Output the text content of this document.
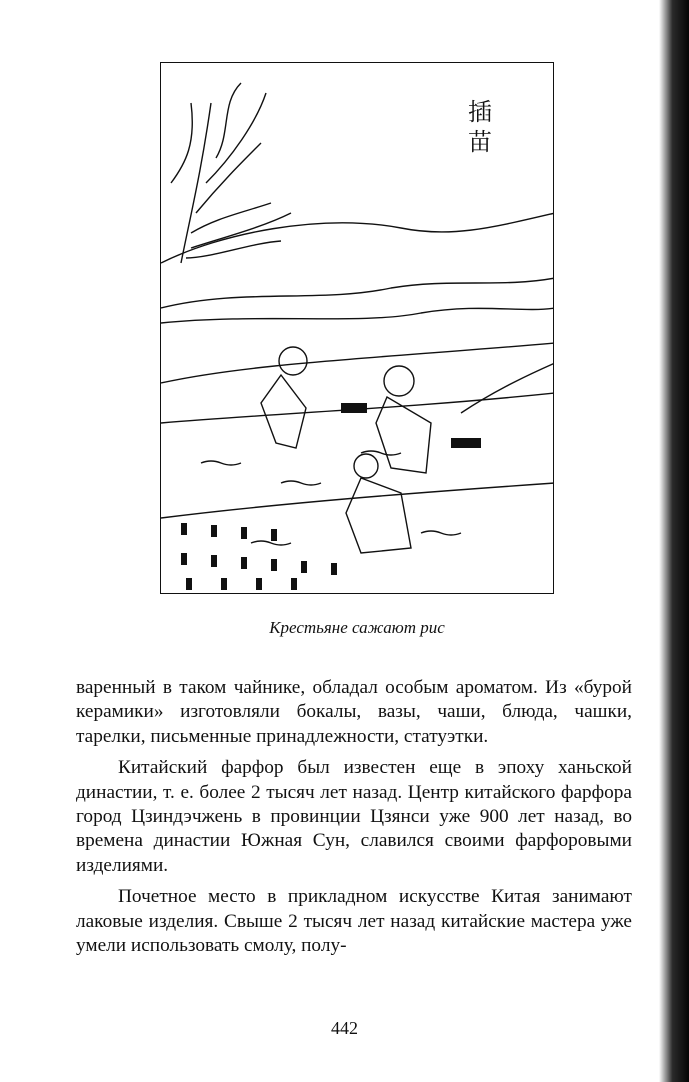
插
苗
Крестьяне сажают рис

варенный в таком чайнике, обладал особым ароматом. Из «бурой керамики» изготовляли бокалы, вазы, чаши, блюда, чашки, тарелки, письменные принадлежности, статуэтки.

Китайский фарфор был известен еще в эпоху ханьской династии, т. е. более 2 тысяч лет назад. Центр китайского фарфора город Цзиндэчжень в провинции Цзянси уже 900 лет назад, во времена династии Южная Сун, славился своими фарфоровыми изделиями.

Почетное место в прикладном искусстве Китая занимают лаковые изделия. Свыше 2 тысяч лет назад китайские мастера уже умели использовать смолу, полу-

442
